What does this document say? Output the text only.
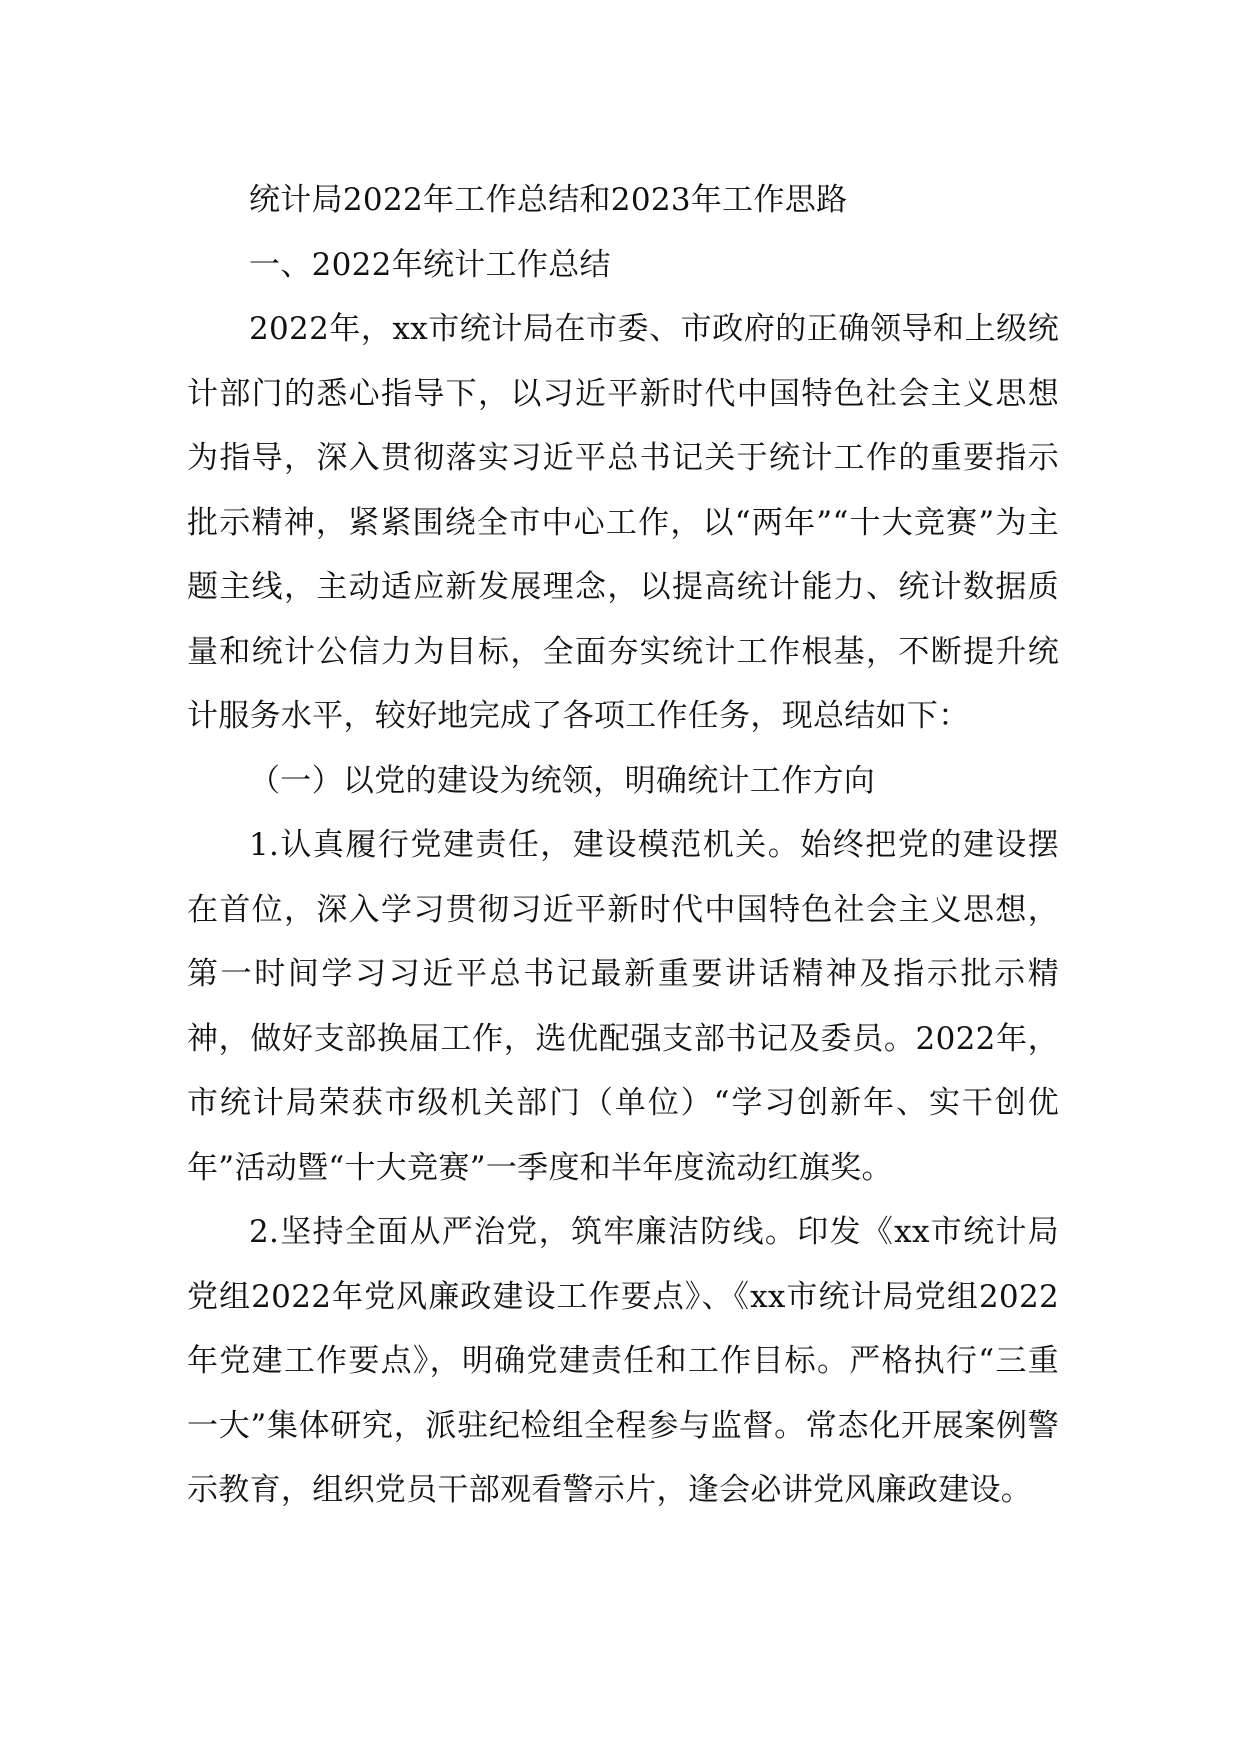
统计局2022年工作总结和2023年工作思路

一、2022年统计工作总结

2022年，xx市统计局在市委、市政府的正确领导和上级统计部门的悉心指导下，以习近平新时代中国特色社会主义思想为指导，深入贯彻落实习近平总书记关于统计工作的重要指示批示精神，紧紧围绕全市中心工作，以“两年”“十大竞赛”为主题主线，主动适应新发展理念，以提高统计能力、统计数据质量和统计公信力为目标，全面夯实统计工作根基，不断提升统计服务水平，较好地完成了各项工作任务，现总结如下：

（一）以党的建设为统领，明确统计工作方向

1.认真履行党建责任，建设模范机关。始终把党的建设摆在首位，深入学习贯彻习近平新时代中国特色社会主义思想，第一时间学习习近平总书记最新重要讲话精神及指示批示精神，做好支部换届工作，选优配强支部书记及委员。2022年，市统计局荣获市级机关部门（单位）“学习创新年、实干创优年”活动暨“十大竞赛”一季度和半年度流动红旗奖。

2.坚持全面从严治党，筑牢廉洁防线。印发《xx市统计局党组2022年党风廉政建设工作要点》、《xx市统计局党组2022年党建工作要点》，明确党建责任和工作目标。严格执行“三重一大”集体研究，派驻纪检组全程参与监督。常态化开展案例警示教育，组织党员干部观看警示片，逢会必讲党风廉政建设。
